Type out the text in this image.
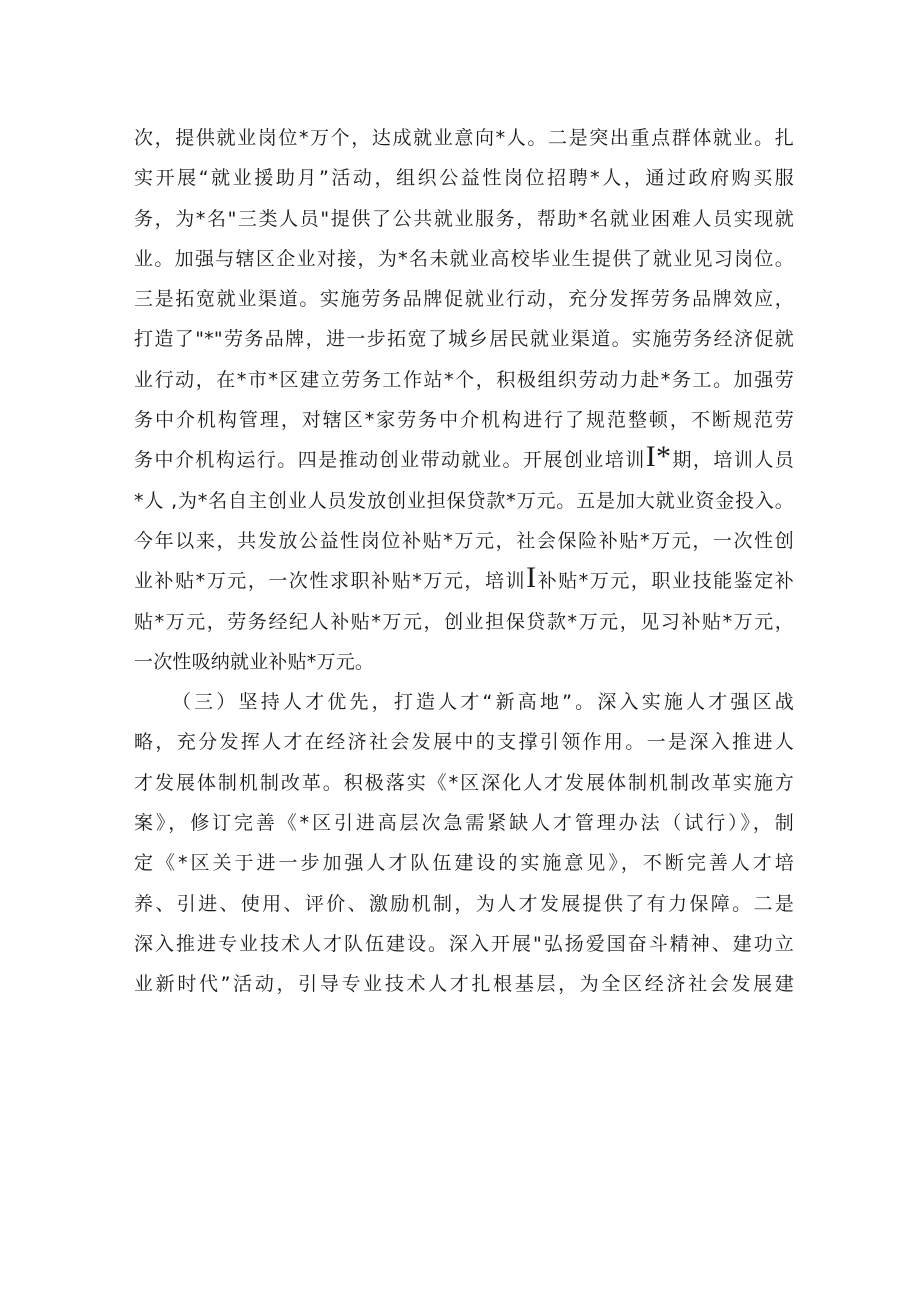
次，提供就业岗位*万个，达成就业意向*人。二是突出重点群体就业。扎
实开展“就业援助月”活动，组织公益性岗位招聘*人，通过政府购买服
务，为*名"三类人员"提供了公共就业服务，帮助*名就业困难人员实现就
业。加强与辖区企业对接，为*名未就业高校毕业生提供了就业见习岗位。
三是拓宽就业渠道。实施劳务品牌促就业行动，充分发挥劳务品牌效应，
打造了"*"劳务品牌，进一步拓宽了城乡居民就业渠道。实施劳务经济促就
业行动，在*市*区建立劳务工作站*个，积极组织劳动力赴*务工。加强劳
务中介机构管理，对辖区*家劳务中介机构进行了规范整顿，不断规范劳
务中介机构运行。四是推动创业带动就业。开展创业培训I*期，培训人员
*人 ,为*名自主创业人员发放创业担保贷款*万元。五是加大就业资金投入。
今年以来，共发放公益性岗位补贴*万元，社会保险补贴*万元，一次性创
业补贴*万元，一次性求职补贴*万元，培训I补贴*万元，职业技能鉴定补
贴*万元，劳务经纪人补贴*万元，创业担保贷款*万元，见习补贴*万元，
一次性吸纳就业补贴*万元。
（三）坚持人才优先，打造人才“新高地”。深入实施人才强区战
略，充分发挥人才在经济社会发展中的支撑引领作用。一是深入推进人
才发展体制机制改革。积极落实《*区深化人才发展体制机制改革实施方
案》，修订完善《*区引进高层次急需紧缺人才管理办法（试行）》，制
定《*区关于进一步加强人才队伍建设的实施意见》，不断完善人才培
养、引进、使用、评价、激励机制，为人才发展提供了有力保障。二是
深入推进专业技术人才队伍建设。深入开展"弘扬爱国奋斗精神、建功立
业新时代”活动，引导专业技术人才扎根基层，为全区经济社会发展建
